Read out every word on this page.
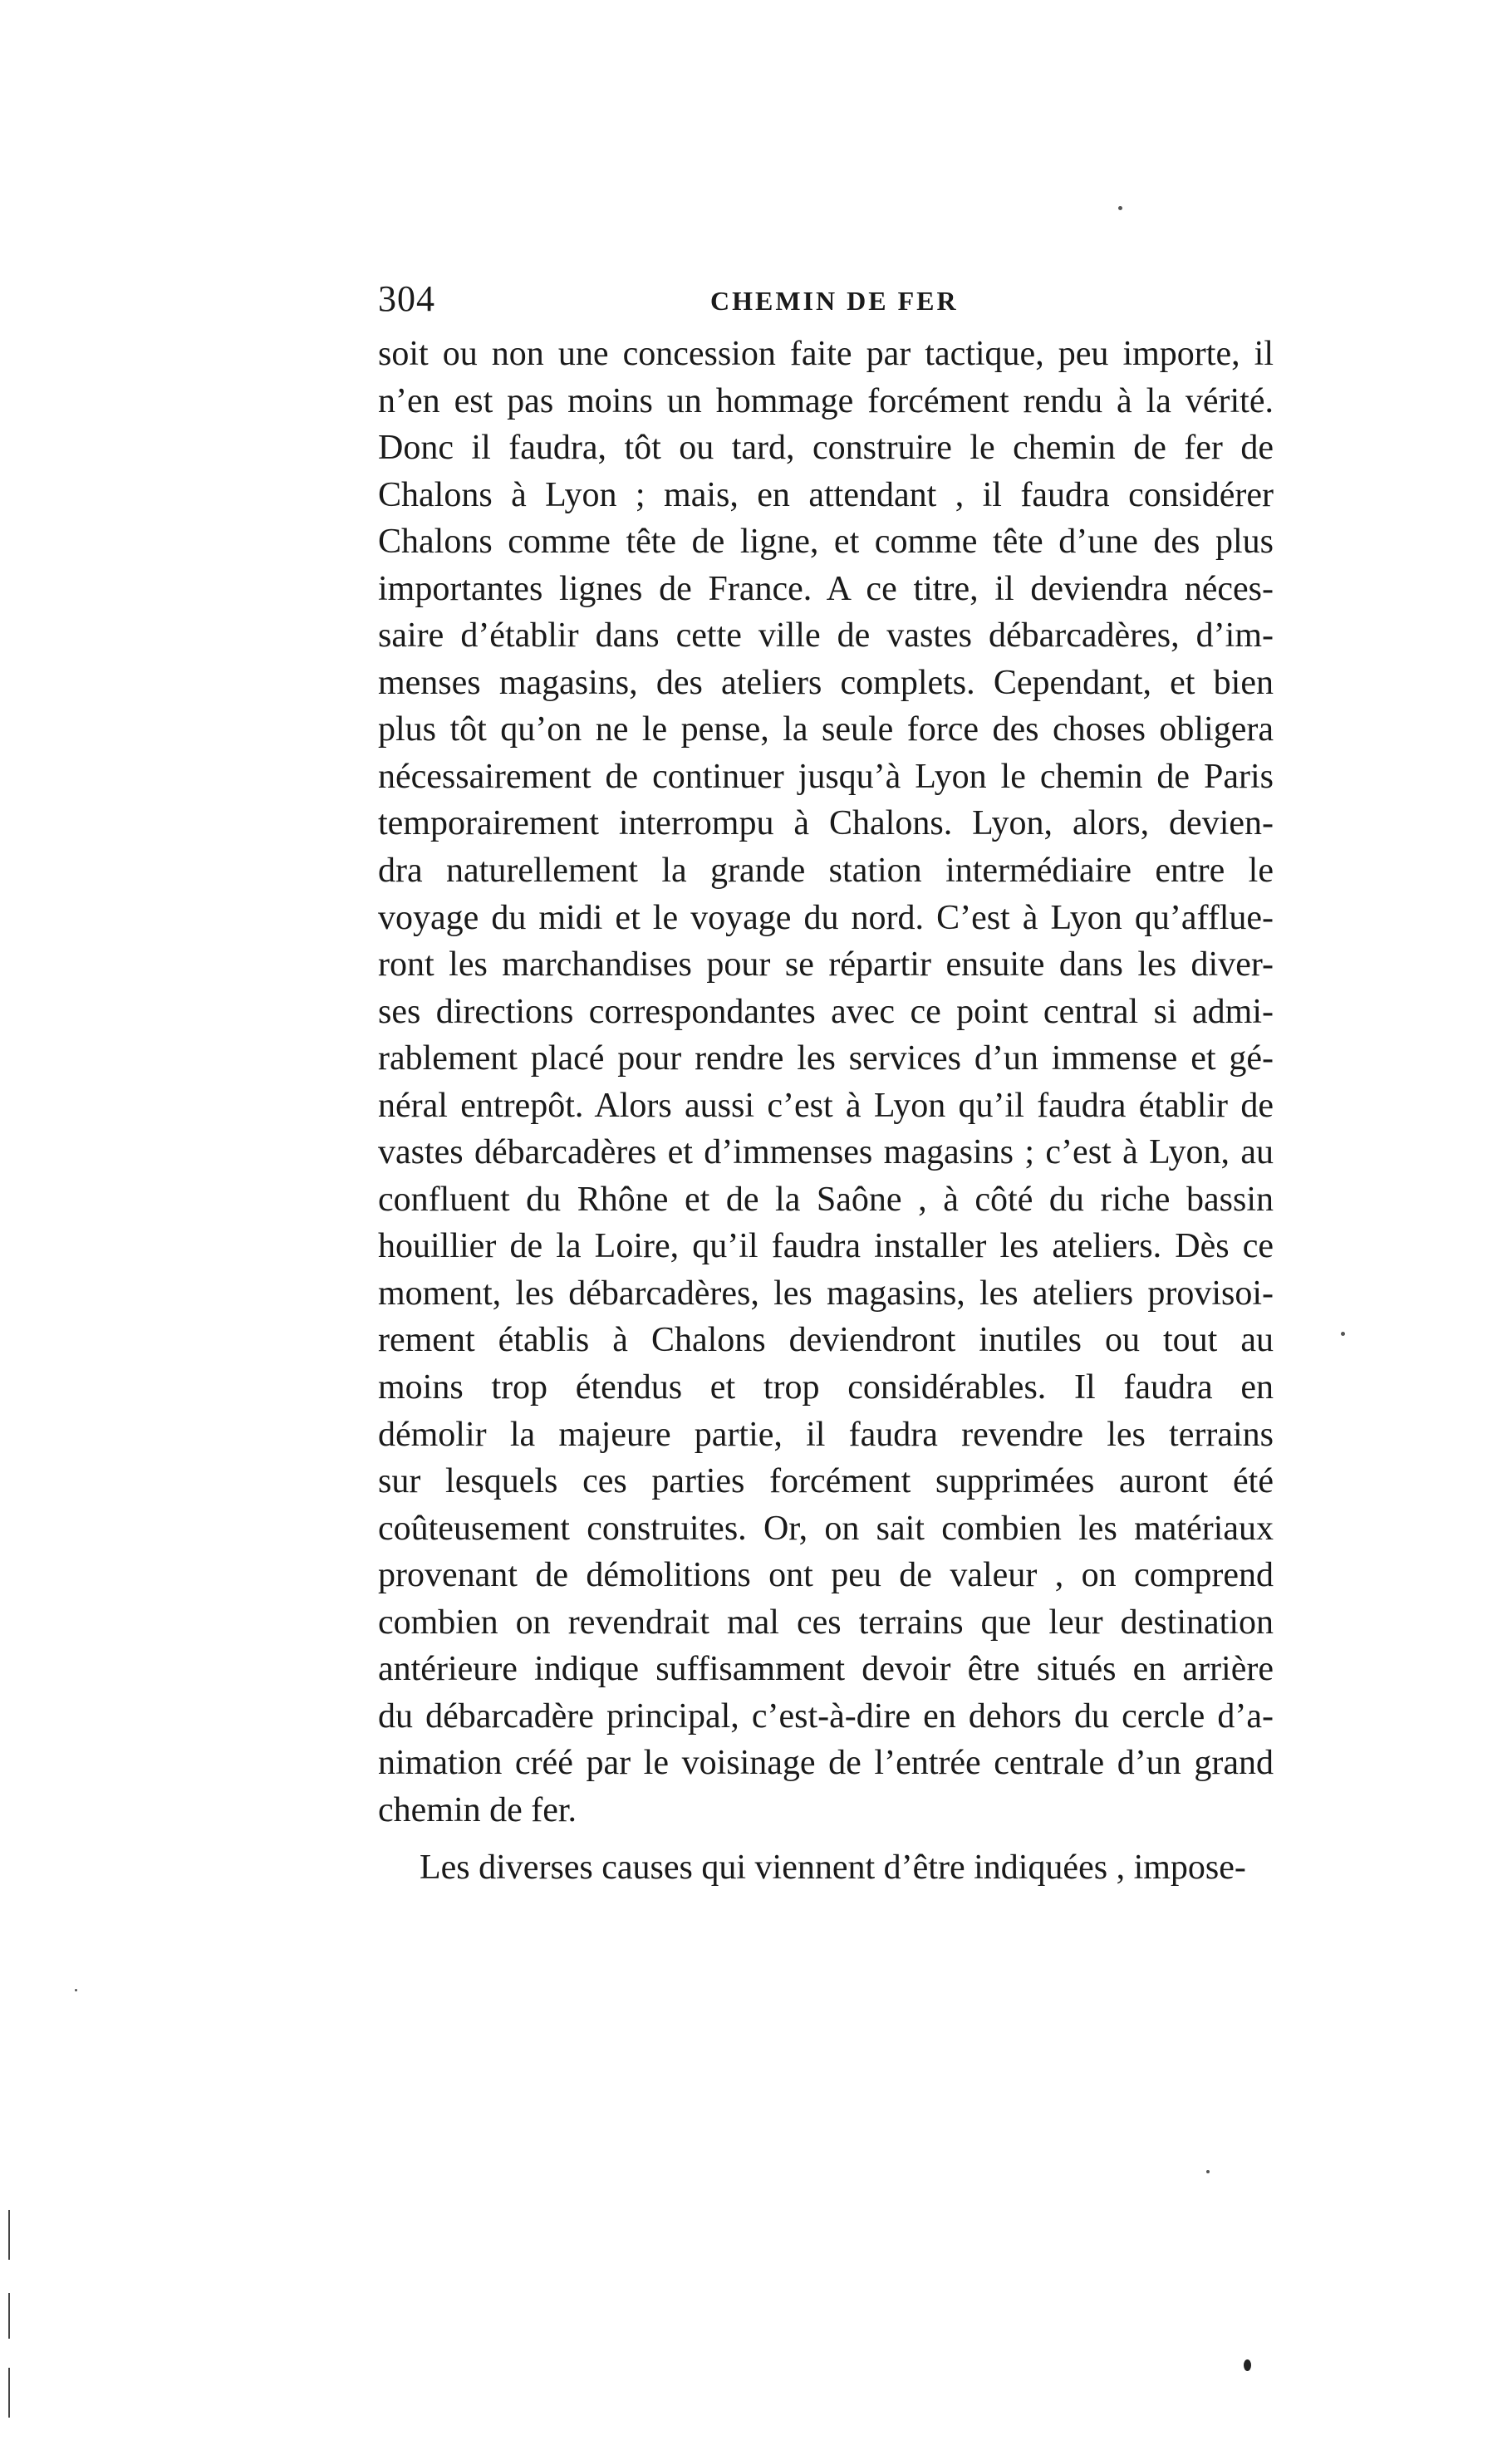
304	CHEMIN DE FER
soit ou non une concession faite par tactique, peu importe, il
n’en est pas moins un hommage forcément rendu à la vérité.
Donc il faudra, tôt ou tard, construire le chemin de fer de
Chalons à Lyon ; mais, en attendant , il faudra considérer
Chalons comme tête de ligne, et comme tête d’une des plus
importantes lignes de France. A ce titre, il deviendra néces-
saire d’établir dans cette ville de vastes débarcadères, d’im-
menses magasins, des ateliers complets. Cependant, et bien
plus tôt qu’on ne le pense, la seule force des choses obligera
nécessairement de continuer jusqu’à Lyon le chemin de Paris
temporairement interrompu à Chalons. Lyon, alors, devien-
dra naturellement la grande station intermédiaire entre le
voyage du midi et le voyage du nord. C’est à Lyon qu’afflue-
ront les marchandises pour se répartir ensuite dans les diver-
ses directions correspondantes avec ce point central si admi-
rablement placé pour rendre les services d’un immense et gé-
néral entrepôt. Alors aussi c’est à Lyon qu’il faudra établir de
vastes débarcadères et d’immenses magasins ; c’est à Lyon, au
confluent du Rhône et de la Saône , à côté du riche bassin
houillier de la Loire, qu’il faudra installer les ateliers. Dès ce
moment, les débarcadères, les magasins, les ateliers provisoi-
rement établis à Chalons deviendront inutiles ou tout au
moins trop étendus et trop considérables. Il faudra en
démolir la majeure partie, il faudra revendre les terrains
sur lesquels ces parties forcément supprimées auront été
coûteusement construites. Or, on sait combien les matériaux
provenant de démolitions ont peu de valeur , on comprend
combien on revendrait mal ces terrains que leur destination
antérieure indique suffisamment devoir être situés en arrière
du débarcadère principal, c’est-à-dire en dehors du cercle d’a-
nimation créé par le voisinage de l’entrée centrale d’un grand
chemin de fer.
Les diverses causes qui viennent d’être indiquées , impose-
